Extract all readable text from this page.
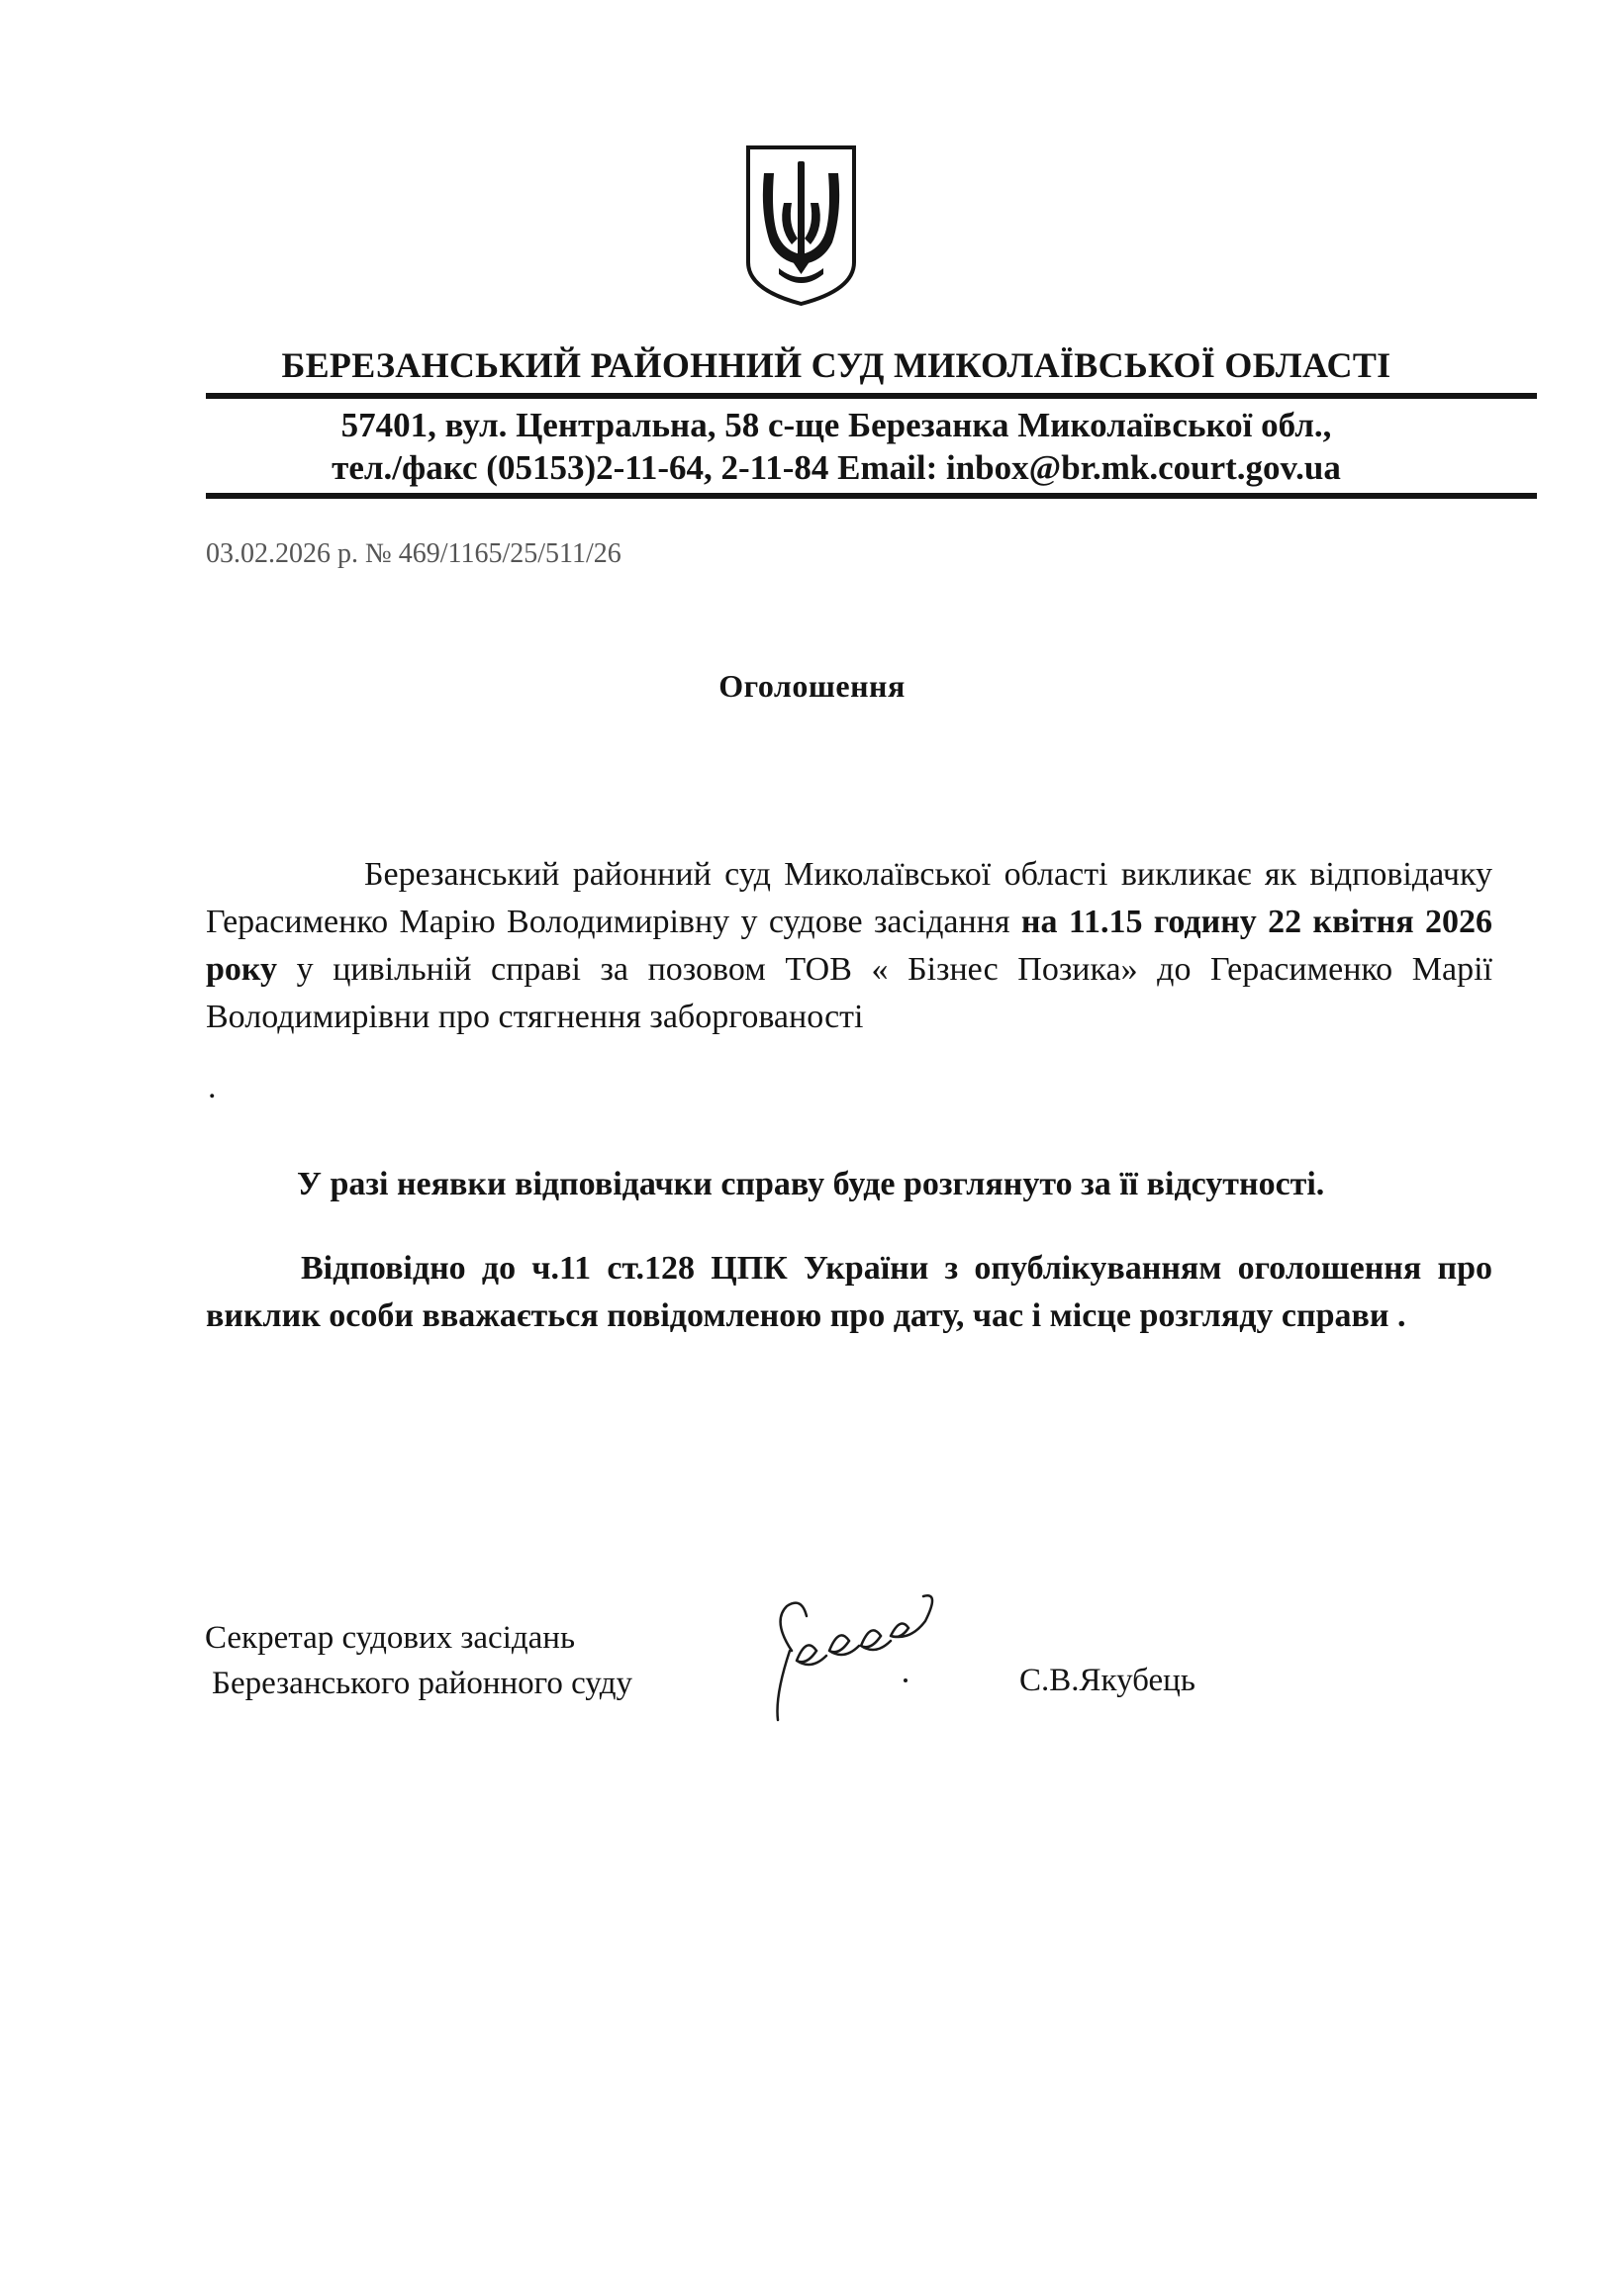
БЕРЕЗАНСЬКИЙ РАЙОННИЙ СУД МИКОЛАЇВСЬКОЇ ОБЛАСТІ
57401, вул. Центральна, 58 с-ще Березанка Миколаївської обл.,
тел./факс (05153)2-11-64, 2-11-84 Email: inbox@br.mk.court.gov.ua
03.02.2026 р. № 469/1165/25/511/26
Оголошення
Березанський районний суд Миколаївської області викликає як відповідачку Герасименко Марію Володимирівну у судове засідання на 11.15 годину 22 квітня 2026 року у цивільній справі за позовом ТОВ « Бізнес Позика» до Герасименко Марії Володимирівни про стягнення заборгованості
.
У разі неявки відповідачки справу буде розглянуто за її відсутності.
Відповідно до ч.11 ст.128 ЦПК України з опублікуванням оголошення про виклик особи вважається повідомленою про дату, час і місце розгляду справи .
Секретар судових засідань
Березанського районного суду	С.В.Якубець
